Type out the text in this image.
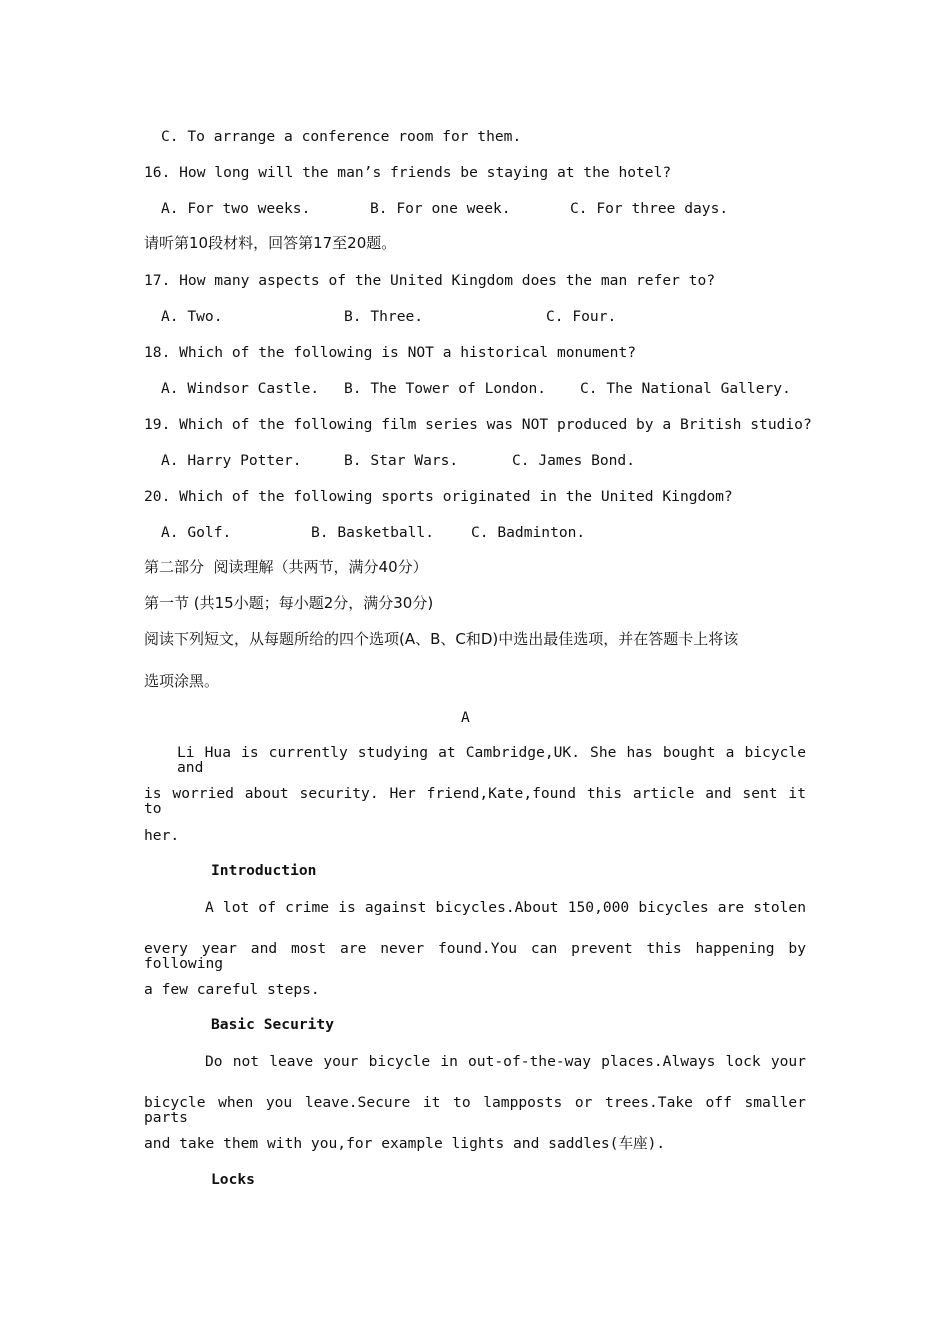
C. To arrange a conference room for them.
16. How long will the man’s friends be staying at the hotel?
A. For two weeks.	B. For one week.	C. For three days.
请听第10段材料，回答第17至20题。
17. How many aspects of the United Kingdom does the man refer to?
A. Two.	B. Three.	C. Four.
18. Which of the following is NOT a historical monument?
A. Windsor Castle. B. The Tower of London. C. The National Gallery.
19. Which of the following film series was NOT produced by a British studio?
A. Harry Potter.	B. Star Wars.	C. James Bond.
20. Which of the following sports originated in the United Kingdom?
A. Golf.	B. Basketball.	C. Badminton.
第二部分  阅读理解（共两节，满分40分）
第一节 (共15小题；每小题2分，满分30分)
阅读下列短文，从每题所给的四个选项(A、B、C和D)中选出最佳选项，并在答题卡上将该
选项涂黑。
A
Li Hua is currently studying at Cambridge,UK. She has bought a bicycle and
is worried about security. Her friend,Kate,found this article and sent it to
her.
Introduction
A lot of crime is against bicycles.About 150,000 bicycles are stolen
every year and most are never found.You can prevent this happening by following
a few careful steps.
Basic Security
Do not leave your bicycle in out-of-the-way places.Always lock your
bicycle when you leave.Secure it to lampposts or trees.Take off smaller parts
and take them with you,for example lights and saddles(车座).
Locks
